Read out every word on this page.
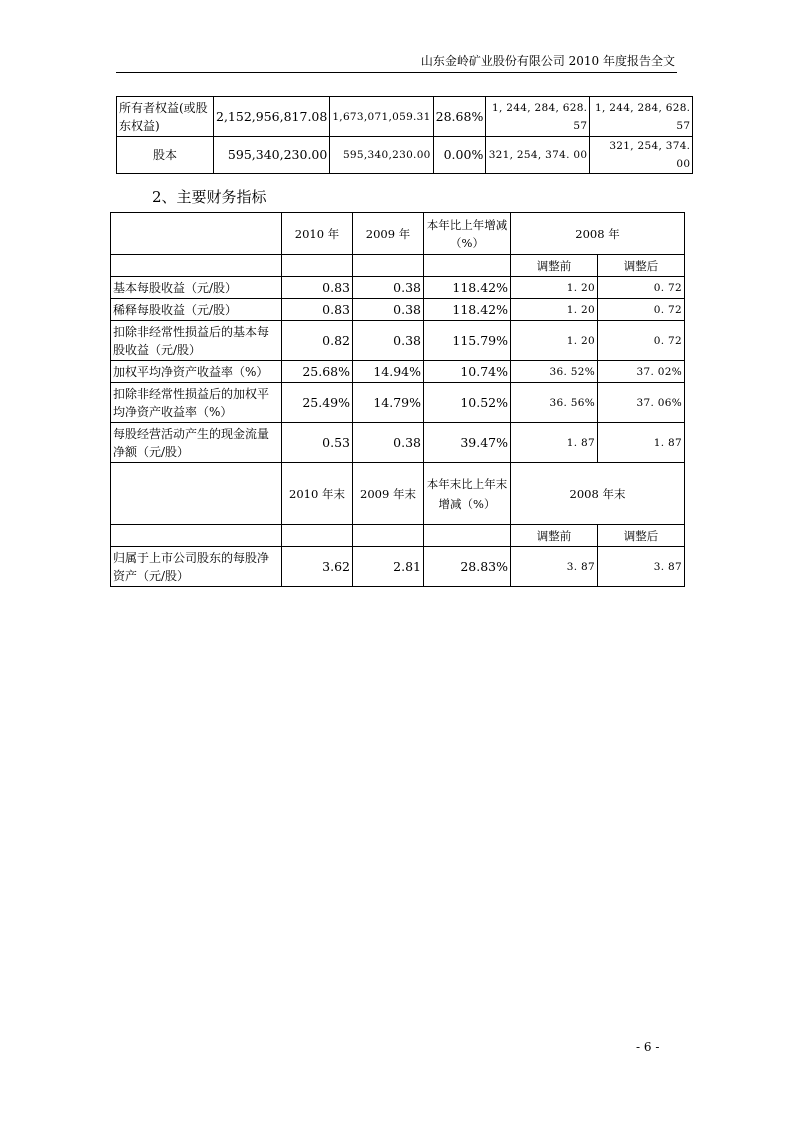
山东金岭矿业股份有限公司 2010 年度报告全文
所有者权益(或股东权益)	2,152,956,817.08	1,673,071,059.31	28.68%	1, 244, 284, 628. 57	1, 244, 284, 628. 57
股本	595,340,230.00	595,340,230.00	0.00%	321, 254, 374. 00	321, 254, 374. 00
2、主要财务指标
	2010 年	2009 年	本年比上年增减（%）	2008 年	
				调整前	调整后
基本每股收益（元/股）	0.83	0.38	118.42%	1. 20	0. 72
稀释每股收益（元/股）	0.83	0.38	118.42%	1. 20	0. 72
扣除非经常性损益后的基本每股收益（元/股）	0.82	0.38	115.79%	1. 20	0. 72
加权平均净资产收益率（%）	25.68%	14.94%	10.74%	36. 52%	37. 02%
扣除非经常性损益后的加权平均净资产收益率（%）	25.49%	14.79%	10.52%	36. 56%	37. 06%
每股经营活动产生的现金流量净额（元/股）	0.53	0.38	39.47%	1. 87	1. 87
	2010 年末	2009 年末	本年末比上年末增减（%）	2008 年末	
				调整前	调整后
归属于上市公司股东的每股净资产（元/股）	3.62	2.81	28.83%	3. 87	3. 87
- 6 -
